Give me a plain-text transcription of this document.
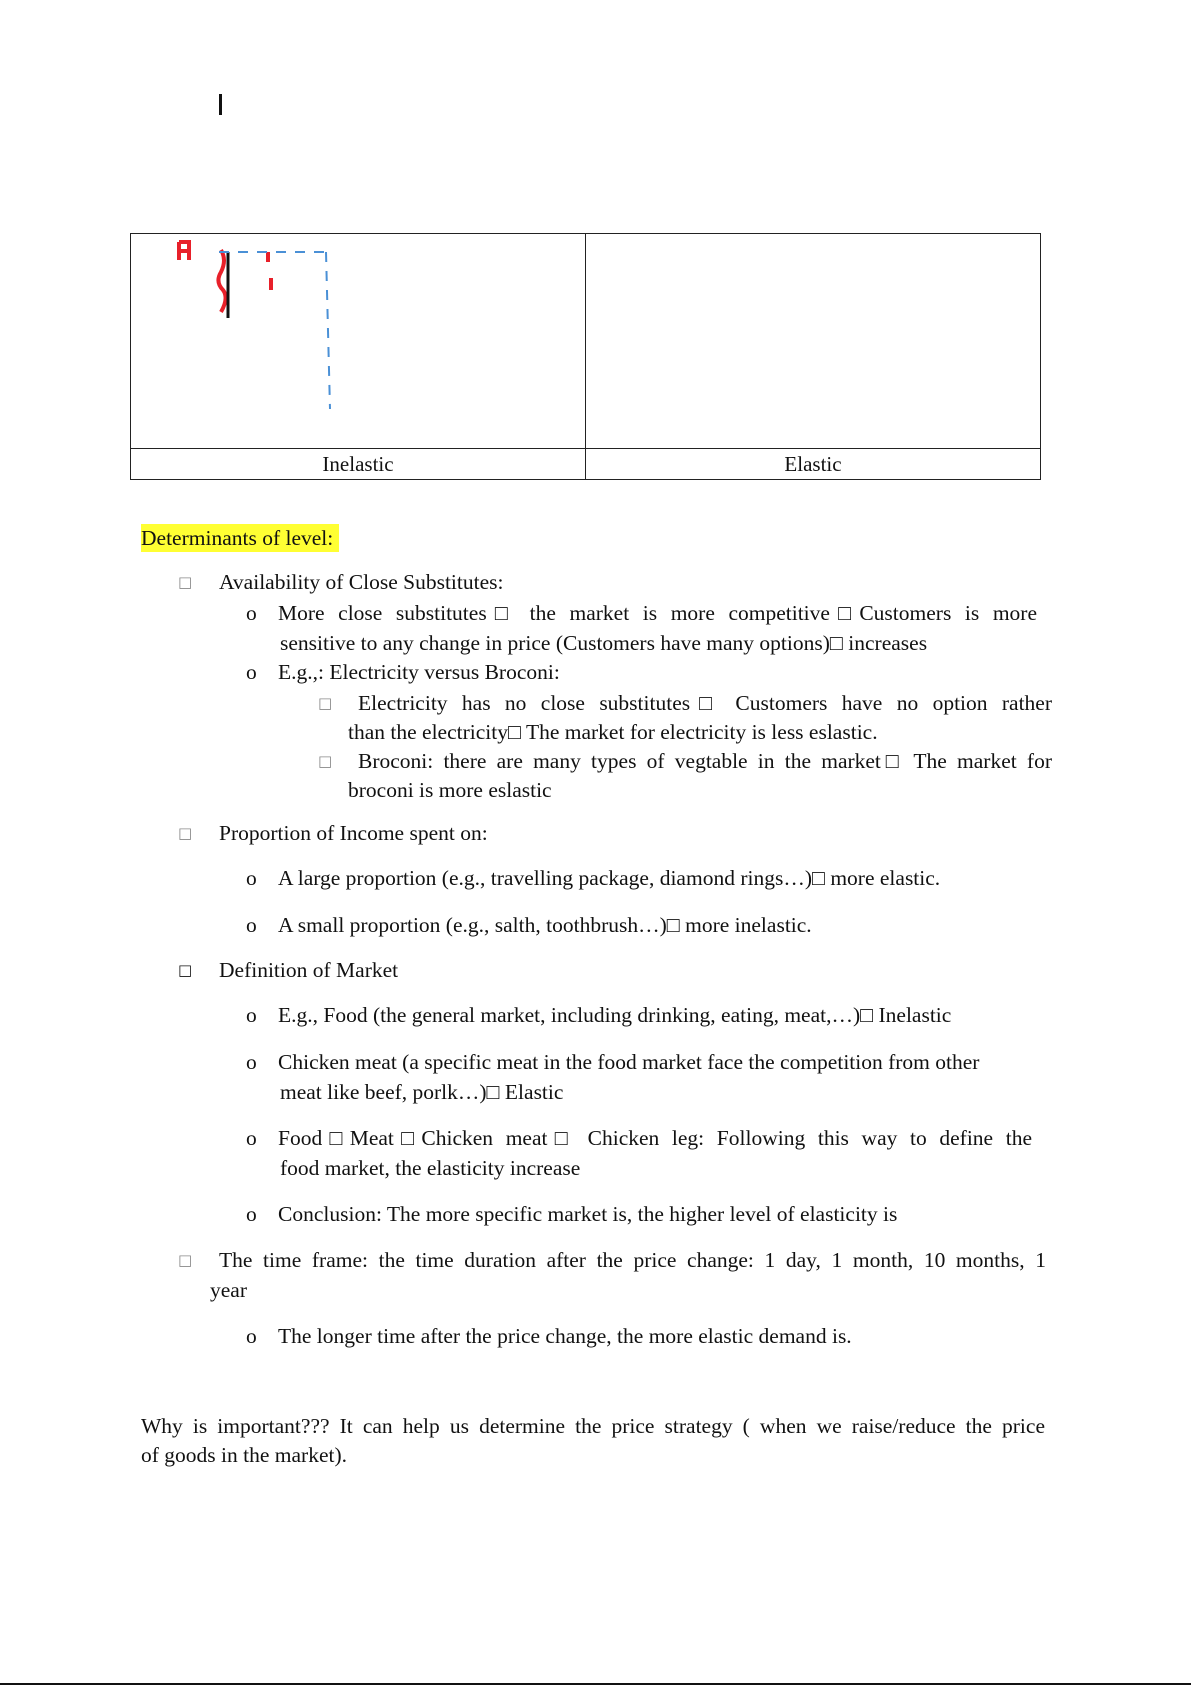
Inelastic	Elastic
Determinants of level:
□ Availability of Close Substitutes:
o More close substitutes□ the market is more competitive□Customers is more
sensitive to any change in price (Customers have many options)□ increases
o E.g.,: Electricity versus Broconi:
□ Electricity has no close substitutes□ Customers have no option rather
than the electricity□ The market for electricity is less eslastic.
□ Broconi: there are many types of vegtable in the market□ The market for
broconi is more eslastic
□ Proportion of Income spent on:
o A large proportion (e.g., travelling package, diamond rings…)□ more elastic.
o A small proportion (e.g., salth, toothbrush…)□ more inelastic.
□ Definition of Market
o E.g., Food (the general market, including drinking, eating, meat,…)□ Inelastic
o Chicken meat (a specific meat in the food market face the competition from other
meat like beef, porlk…)□ Elastic
o Food□Meat□Chicken meat□ Chicken leg: Following this way to define the
food market, the elasticity increase
o Conclusion: The more specific market is, the higher level of elasticity is
□ The time frame: the time duration after the price change: 1 day, 1 month, 10 months, 1
year
o The longer time after the price change, the more elastic demand is.
Why is important??? It can help us determine the price strategy ( when we raise/reduce the price
of goods in the market).
